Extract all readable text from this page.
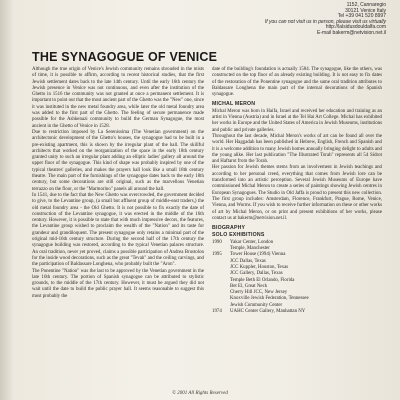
1152, Cannaregio
30121 Venice Italy
Tel +39 041 520 8997
If you can not visit us in person, please visit us virtually
http://lalsidusdouldalfa.com
E-mail bakerm@netvision.net.il
THE SYNAGOGUE OF VENICE

Although the true origin of Venice's Jewish community remains shrouded in the mists of time, it is possible to affirm, according to recent historical studies, that the first Jewish settlement dates back to the late 14th century. Until the early 16th century the Jewish presence in Venice was not continuous, and even after the institution of the Ghetto in 1516 the community was not granted at once a permanent settlement. It is important to point out that the most ancient part of the Ghetto was the "New" one, since it was instituted in the new metal foundry area, while later the old metal foundry area was added to the first part of the Ghetto. The feeling of secure permanence made possible for the Ashkenazi community to build the German Synagogue, the most ancient in the Ghetto of Venice in 1528.

Due to restriction imposed by La Serenissima (The Venetian government) on the architectonic development of the Ghetto's houses, the synagogue had to be built in a pre-existing apartment, this is shown by the irregular plant of the hall. The skillful architects that worked on the reorganization of the space in the early 18th century granted unity to such an irregular plant adding an elliptic ladies' gallery all around the upper floor of the synagogue. This kind of shape was probably inspired by one of the typical theatres' galleries, and makes the prayers hall look like a small 18th century theatre. The main part of the furnishings of the synagogue dates back to the early 18th century, but some decorations are still original, such as the marvellous Venetian terrazzo on the floor, or the "Marmorino" panels all around the hall.

In 1541, due to the fact that the New Ghetto was overcrowded, the government decided to give, to the Levantine group, (a small but affluent group of middle-east traders,) the old metal foundry area - the Old Ghetto. It is not possible to fix exactly the date of construction of the Levantine synagogue, it was erected in the middle of the 16th century. However, it is possible to state that with much impressive decors, the features, the Levantine group wished to proclaim the wealth of the "Nation" and its taste for grandeur and grandiloquent. The present synagogue only retains a minimal part of the original mid-16th century structure. During the second half of the 17th century the synagogue building was restored, according to the typical Venetian palaces structure. An oral tradition, never yet proved, claims a possible participation of Andrea Brustolon for the inside wood decorations, such as the great "Tevah" and the ceiling carvings, and the participation of Baldassare Longhena, who probably built the "Aron".

The Ponentine "Nation" was the last to be approved by the Venetian government in the late 16th century. The portion of Spanish synagogue can be attributed to stylistic grounds, to the middle of the 17th century. However, it must be argued they did not wait until the date to build the public prayer hall. It seems reasonable to suggest this most probably the

date of the building's foundation is actually 1584. The synagogue, like the others, was constructed on the top floor of an already existing building. It is not easy to fix dates of the restoration of the Ponentine synagogue and the same oral tradition attributes to Baldassare Longhena the main part of the internal decorations of the Spanish synagogue.

MICHAL MERON

Michal Meron was born in Haifa, Israel and received her education and training as an artist in Vienna (Austria) and in Israel at the Tel Hai Art College. Michal has exhibited her works in Europe and the United States of America in Jewish Museums, institutions and public and private galleries.

Throughout the last decade, Michal Meron's works of art can be found all over the world. Her Haggadah has been published in Hebrew, English, French and Spanish and it is a welcome addition to many Jewish homes annually bringing delight to adults and the young alike. Her last publication "The Illustrated Torah" represents all 54 Sidrot and Haftarot from the Torah.

Her passion for Jewish themes stems from an involvement in Jewish teachings and according to her personal creed, everything that comes from Jewish lore can be transformed into an artistic perception. Several Jewish Museums of Europe have commissioned Michal Meron to create a series of paintings showing Jewish centres in European Synagogues. The Studio in Old Jaffa is proud to present this new collection. The first group includes: Amsterdam, Florence, Frankfurt, Prague, Rome, Venice, Vienna, and Worms. If you wish to receive further information on these or other works of art by Michal Meron, or on print and present exhibitions of her works, please contact us at bakerm@netvision.net.il.

BIOGRAPHY
SOLO EXHIBITIONS
1990	Yakar Center, London
Temple, Manchester
1995	Tower House (1994) Vienna
JCC Dallas, Texas
JCC Kuppler, Houston, Texas
JCC Gallery, Dallas, Texas
Temple Beth El Orlando, Florida
Bet El, Great Neck
Cherry Hill JCC, New Jersey
Knoxville Jewish Federation, Tennessee
Jewish Community Center
1974	UAHC Center Gallery, Manhattan NY
© 2001 All Rights Reserved
